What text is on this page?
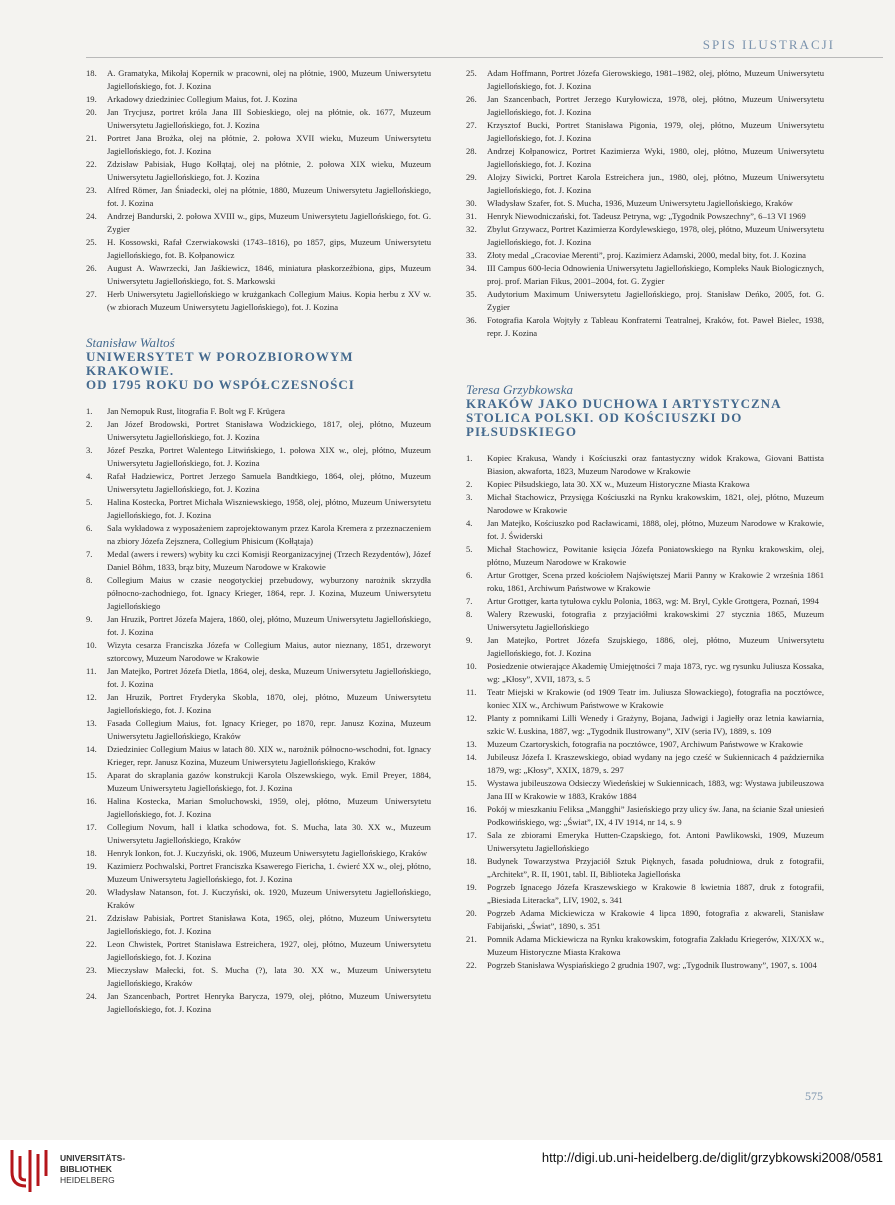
SPIS ILUSTRACJI
18. A. Gramatyka, Mikołaj Kopernik w pracowni, olej na płótnie, 1900, Muzeum Uniwersytetu Jagiellońskiego, fot. J. Kozina
19. Arkadowy dziedziniec Collegium Maius, fot. J. Kozina
20. Jan Trycjusz, portret króla Jana III Sobieskiego, olej na płótnie, ok. 1677, Muzeum Uniwersytetu Jagiellońskiego, fot. J. Kozina
21. Portret Jana Brożka, olej na płótnie, 2. połowa XVII wieku, Muzeum Uniwersytetu Jagiellońskiego, fot. J. Kozina
22. Zdzisław Pabisiak, Hugo Kołłątaj, olej na płótnie, 2. połowa XIX wieku, Muzeum Uniwersytetu Jagiellońskiego, fot. J. Kozina
23. Alfred Römer, Jan Śniadecki, olej na płótnie, 1880, Muzeum Uniwersytetu Jagiellońskiego, fot. J. Kozina
24. Andrzej Bandurski, 2. połowa XVIII w., gips, Muzeum Uniwersytetu Jagiellońskiego, fot. G. Zygier
25. H. Kossowski, Rafał Czerwiakowski (1743–1816), po 1857, gips, Muzeum Uniwersytetu Jagiellońskiego, fot. B. Kołpanowicz
26. August A. Wawrzecki, Jan Jaśkiewicz, 1846, miniatura płaskorzeźbiona, gips, Muzeum Uniwersytetu Jagiellońskiego, fot. S. Markowski
27. Herb Uniwersytetu Jagiellońskiego w krużgankach Collegium Maius. Kopia herbu z XV w. (w zbiorach Muzeum Uniwersytetu Jagiellońskiego), fot. J. Kozina

Stanisław Waltoś

UNIWERSYTET W POROZBIOROWYM KRAKOWIE.
OD 1795 ROKU DO WSPÓŁCZESNOŚCI
1. Jan Nemopuk Rust, litografia F. Bolt wg F. Krügera
2. Jan Józef Brodowski, Portret Stanisława Wodzickiego, 1817, olej, płótno, Muzeum Uniwersytetu Jagiellońskiego, fot. J. Kozina
3. Józef Peszka, Portret Walentego Litwińskiego, 1. połowa XIX w., olej, płótno, Muzeum Uniwersytetu Jagiellońskiego, fot. J. Kozina
4. Rafał Hadziewicz, Portret Jerzego Samuela Bandtkiego, 1864, olej, płótno, Muzeum Uniwersytetu Jagiellońskiego, fot. J. Kozina
5. Halina Kostecka, Portret Michała Wiszniewskiego, 1958, olej, płótno, Muzeum Uniwersytetu Jagiellońskiego, fot. J. Kozina
6. Sala wykładowa z wyposażeniem zaprojektowanym przez Karola Kremera z przeznaczeniem na zbiory Józefa Zejsznera, Collegium Phisicum (Kołłątaja)
7. Medal (awers i rewers) wybity ku czci Komisji Reorganizacyjnej (Trzech Rezydentów), Józef Daniel Böhm, 1833, brąz bity, Muzeum Narodowe w Krakowie
8. Collegium Maius w czasie neogotyckiej przebudowy, wyburzony narożnik skrzydła północno-zachodniego, fot. Ignacy Krieger, 1864, repr. J. Kozina, Muzeum Uniwersytetu Jagiellońskiego
9. Jan Hruzik, Portret Józefa Majera, 1860, olej, płótno, Muzeum Uniwersytetu Jagiellońskiego, fot. J. Kozina
10. Wizyta cesarza Franciszka Józefa w Collegium Maius, autor nieznany, 1851, drzeworyt sztorcowy, Muzeum Narodowe w Krakowie
11. Jan Matejko, Portret Józefa Dietla, 1864, olej, deska, Muzeum Uniwersytetu Jagiellońskiego, fot. J. Kozina
12. Jan Hruzik, Portret Fryderyka Skobla, 1870, olej, płótno, Muzeum Uniwersytetu Jagiellońskiego, fot. J. Kozina
13. Fasada Collegium Maius, fot. Ignacy Krieger, po 1870, repr. Janusz Kozina, Muzeum Uniwersytetu Jagiellońskiego, Kraków
14. Dziedziniec Collegium Maius w latach 80. XIX w., narożnik północno-wschodni, fot. Ignacy Krieger, repr. Janusz Kozina, Muzeum Uniwersytetu Jagiellońskiego, Kraków
15. Aparat do skraplania gazów konstrukcji Karola Olszewskiego, wyk. Emil Preyer, 1884, Muzeum Uniwersytetu Jagiellońskiego, fot. J. Kozina
16. Halina Kostecka, Marian Smoluchowski, 1959, olej, płótno, Muzeum Uniwersytetu Jagiellońskiego, fot. J. Kozina
17. Collegium Novum, hall i klatka schodowa, fot. S. Mucha, lata 30. XX w., Muzeum Uniwersytetu Jagiellońskiego, Kraków
18. Henryk Ionkon, fot. J. Kuczyński, ok. 1906, Muzeum Uniwersytetu Jagiellońskiego, Kraków
19. Kazimierz Pochwalski, Portret Franciszka Ksawerego Fiericha, 1. ćwierć XX w., olej, płótno, Muzeum Uniwersytetu Jagiellońskiego, fot. J. Kozina
20. Władysław Natanson, fot. J. Kuczyński, ok. 1920, Muzeum Uniwersytetu Jagiellońskiego, Kraków
21. Zdzisław Pabisiak, Portret Stanisława Kota, 1965, olej, płótno, Muzeum Uniwersytetu Jagiellońskiego, fot. J. Kozina
22. Leon Chwistek, Portret Stanisława Estreichera, 1927, olej, płótno, Muzeum Uniwersytetu Jagiellońskiego, fot. J. Kozina
23. Mieczysław Małecki, fot. S. Mucha (?), lata 30. XX w., Muzeum Uniwersytetu Jagiellońskiego, Kraków
24. Jan Szancenbach, Portret Henryka Barycza, 1979, olej, płótno, Muzeum Uniwersytetu Jagiellońskiego, fot. J. Kozina
25. Adam Hoffmann, Portret Józefa Gierowskiego, 1981–1982, olej, płótno, Muzeum Uniwersytetu Jagiellońskiego, fot. J. Kozina
26. Jan Szancenbach, Portret Jerzego Kuryłowicza, 1978, olej, płótno, Muzeum Uniwersytetu Jagiellońskiego, fot. J. Kozina
27. Krzysztof Bucki, Portret Stanisława Pigonia, 1979, olej, płótno, Muzeum Uniwersytetu Jagiellońskiego, fot. J. Kozina
28. Andrzej Kołpanowicz, Portret Kazimierza Wyki, 1980, olej, płótno, Muzeum Uniwersytetu Jagiellońskiego, fot. J. Kozina
29. Alojzy Siwicki, Portret Karola Estreichera jun., 1980, olej, płótno, Muzeum Uniwersytetu Jagiellońskiego, fot. J. Kozina
30. Władysław Szafer, fot. S. Mucha, 1936, Muzeum Uniwersytetu Jagiellońskiego, Kraków
31. Henryk Niewodniczański, fot. Tadeusz Petryna, wg: „Tygodnik Powszechny”, 6–13 VI 1969
32. Zbylut Grzywacz, Portret Kazimierza Kordylewskiego, 1978, olej, płótno, Muzeum Uniwersytetu Jagiellońskiego, fot. J. Kozina
33. Złoty medal „Cracoviae Merenti”, proj. Kazimierz Adamski, 2000, medal bity, fot. J. Kozina
34. III Campus 600-lecia Odnowienia Uniwersytetu Jagiellońskiego, Kompleks Nauk Biologicznych, proj. prof. Marian Fikus, 2001–2004, fot. G. Zygier
35. Audytorium Maximum Uniwersytetu Jagiellońskiego, proj. Stanisław Deńko, 2005, fot. G. Zygier
36. Fotografia Karola Wojtyły z Tableau Konfraterni Teatralnej, Kraków, fot. Paweł Bielec, 1938, repr. J. Kozina

Teresa Grzybkowska

KRAKÓW JAKO DUCHOWA I ARTYSTYCZNA
STOLICA POLSKI. OD KOŚCIUSZKI DO PIŁSUDSKIEGO
1. Kopiec Krakusa, Wandy i Kościuszki oraz fantastyczny widok Krakowa, Giovani Battista Biasion, akwaforta, 1823, Muzeum Narodowe w Krakowie
2. Kopiec Piłsudskiego, lata 30. XX w., Muzeum Historyczne Miasta Krakowa
3. Michał Stachowicz, Przysięga Kościuszki na Rynku krakowskim, 1821, olej, płótno, Muzeum Narodowe w Krakowie
4. Jan Matejko, Kościuszko pod Racławicami, 1888, olej, płótno, Muzeum Narodowe w Krakowie, fot. J. Świderski
5. Michał Stachowicz, Powitanie księcia Józefa Poniatowskiego na Rynku krakowskim, olej, płótno, Muzeum Narodowe w Krakowie
6. Artur Grottger, Scena przed kościołem Najświętszej Marii Panny w Krakowie 2 września 1861 roku, 1861, Archiwum Państwowe w Krakowie
7. Artur Grottger, karta tytułowa cyklu Polonia, 1863, wg: M. Bryl, Cykle Grottgera, Poznań, 1994
8. Walery Rzewuski, fotografia z przyjaciółmi krakowskimi 27 stycznia 1865, Muzeum Uniwersytetu Jagiellońskiego
9. Jan Matejko, Portret Józefa Szujskiego, 1886, olej, płótno, Muzeum Uniwersytetu Jagiellońskiego, fot. J. Kozina
10. Posiedzenie otwierające Akademię Umiejętności 7 maja 1873, ryc. wg rysunku Juliusza Kossaka, wg: „Kłosy”, XVII, 1873, s. 5
11. Teatr Miejski w Krakowie (od 1909 Teatr im. Juliusza Słowackiego), fotografia na pocztówce, koniec XIX w., Archiwum Państwowe w Krakowie
12. Planty z pomnikami Lilli Wenedy i Grażyny, Bojana, Jadwigi i Jagiełły oraz letnia kawiarnia, szkic W. Łuskina, 1887, wg: „Tygodnik Ilustrowany”, XIV (seria IV), 1889, s. 109
13. Muzeum Czartoryskich, fotografia na pocztówce, 1907, Archiwum Państwowe w Krakowie
14. Jubileusz Józefa I. Kraszewskiego, obiad wydany na jego cześć w Sukiennicach 4 października 1879, wg: „Kłosy”, XXIX, 1879, s. 297
15. Wystawa jubileuszowa Odsieczy Wiedeńskiej w Sukiennicach, 1883, wg: Wystawa jubileuszowa Jana III w Krakowie w 1883, Kraków 1884
16. Pokój w mieszkaniu Feliksa „Mangghi” Jasieńskiego przy ulicy św. Jana, na ścianie Szał uniesień Podkowińskiego, wg: „Świat”, IX, 4 IV 1914, nr 14, s. 9
17. Sala ze zbiorami Emeryka Hutten-Czapskiego, fot. Antoni Pawlikowski, 1909, Muzeum Uniwersytetu Jagiellońskiego
18. Budynek Towarzystwa Przyjaciół Sztuk Pięknych, fasada południowa, druk z fotografii, „Architekt”, R. II, 1901, tabl. II, Biblioteka Jagiellońska
19. Pogrzeb Ignacego Józefa Kraszewskiego w Krakowie 8 kwietnia 1887, druk z fotografii, „Biesiada Literacka”, LIV, 1902, s. 341
20. Pogrzeb Adama Mickiewicza w Krakowie 4 lipca 1890, fotografia z akwareli, Stanisław Fabijański, „Świat”, 1890, s. 351
21. Pomnik Adama Mickiewicza na Rynku krakowskim, fotografia Zakładu Kriegerów, XIX/XX w., Muzeum Historyczne Miasta Krakowa
22. Pogrzeb Stanisława Wyspiańskiego 2 grudnia 1907, wg: „Tygodnik Ilustrowany”, 1907, s. 1004
575
UNIVERSITÄTS-
BIBLIOTHEK
HEIDELBERG
http://digi.ub.uni-heidelberg.de/diglit/grzybkowski2008/0581
